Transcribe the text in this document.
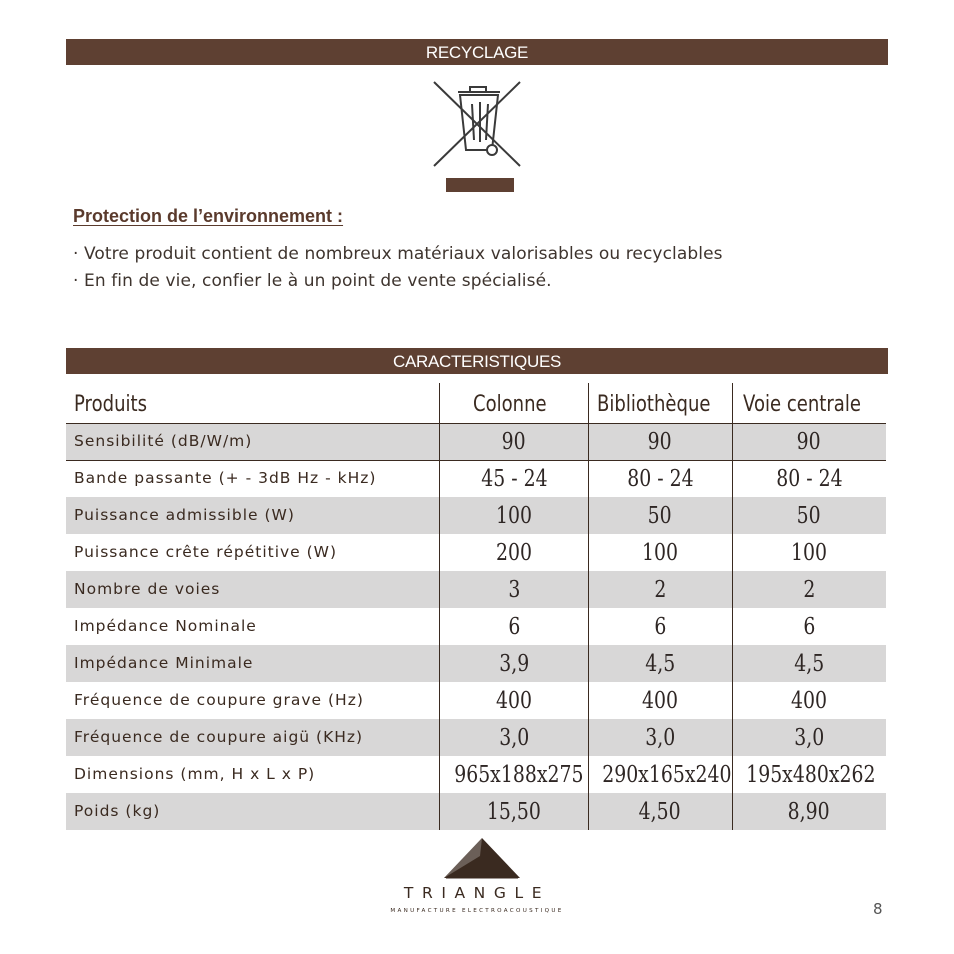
RECYCLAGE
Protection de l’environnement :
· Votre produit contient de nombreux matériaux valorisables ou recyclables
· En fin de vie, confier le à un point de vente spécialisé.
CARACTERISTIQUES
Produits	Colonne	Bibliothèque	Voie centrale
Sensibilité (dB/W/m)	90	90	90
Bande passante (+ - 3dB Hz - kHz)	45 - 24	80 - 24	80 - 24
Puissance admissible (W)	100	50	50
Puissance crête répétitive (W)	200	100	100
Nombre de voies	3	2	2
Impédance Nominale	6	6	6
Impédance Minimale	3,9	4,5	4,5
Fréquence de coupure grave (Hz)	400	400	400
Fréquence de coupure aigü (KHz)	3,0	3,0	3,0
Dimensions (mm, H x L x P)	965x188x275 290x165x240 195x480x262
Poids (kg)	15,50	4,50	8,90
TRIANGLE
MANUFACTURE ELECTROACOUSTIQUE	8
